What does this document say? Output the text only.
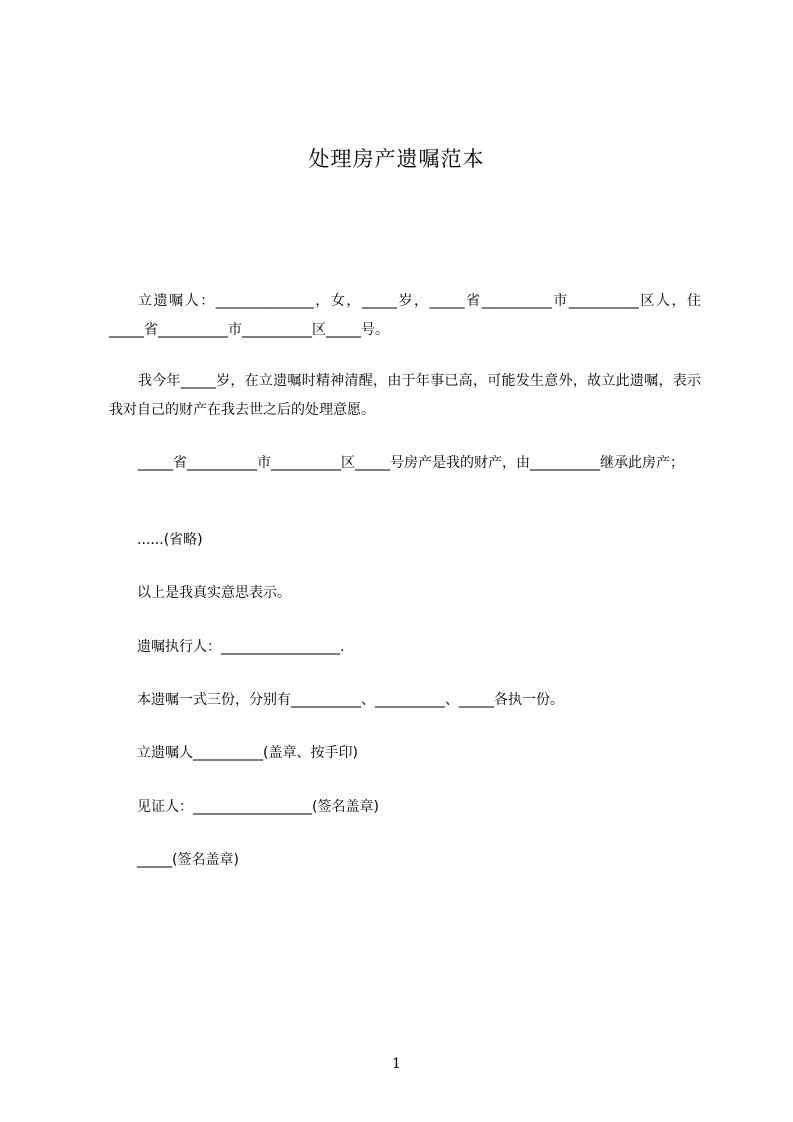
处理房产遗嘱范本
立遗嘱人：______________，女，_____岁，_____省__________市__________区人，住_____省__________市__________区_____号。
我今年_____岁，在立遗嘱时精神清醒，由于年事已高，可能发生意外，故立此遗嘱，表示我对自己的财产在我去世之后的处理意愿。
_____省__________市__________区_____号房产是我的财产，由__________继承此房产；
......(省略)
以上是我真实意思表示。
遗嘱执行人：_________________.
本遗嘱一式三份，分别有__________、__________、_____各执一份。
立遗嘱人__________(盖章、按手印)
见证人：_________________(签名盖章)
_____(签名盖章)
1
